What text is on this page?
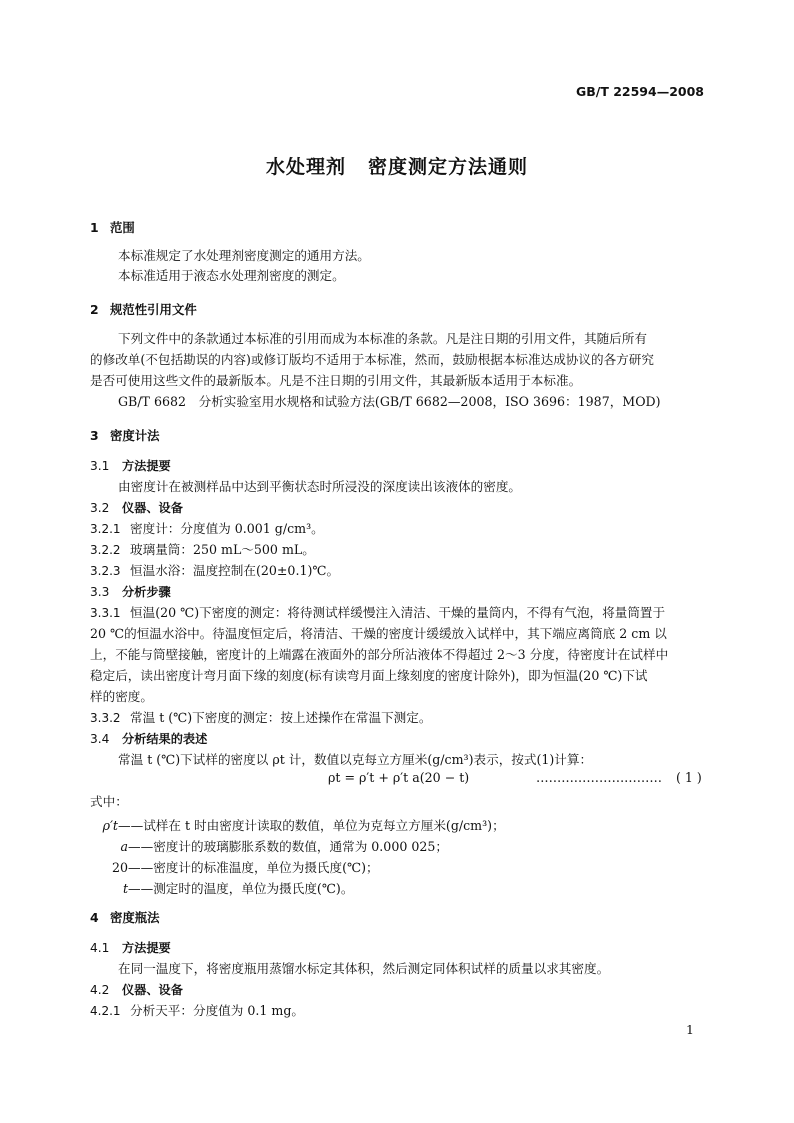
GB/T 22594—2008
水处理剂 密度测定方法通则
1 范围
本标准规定了水处理剂密度测定的通用方法。
本标准适用于液态水处理剂密度的测定。
2 规范性引用文件
下列文件中的条款通过本标准的引用而成为本标准的条款。凡是注日期的引用文件，其随后所有
的修改单(不包括勘误的内容)或修订版均不适用于本标准，然而，鼓励根据本标准达成协议的各方研究
是否可使用这些文件的最新版本。凡是不注日期的引用文件，其最新版本适用于本标准。
GB/T 6682　分析实验室用水规格和试验方法(GB/T 6682—2008，ISO 3696：1987，MOD)
3 密度计法
3.1 方法提要
由密度计在被测样品中达到平衡状态时所浸没的深度读出该液体的密度。
3.2 仪器、设备
3.2.1 密度计：分度值为 0.001 g/cm³。
3.2.2 玻璃量筒：250 mL～500 mL。
3.2.3 恒温水浴：温度控制在(20±0.1)℃。
3.3 分析步骤
3.3.1 恒温(20 ℃)下密度的测定：将待测试样缓慢注入清洁、干燥的量筒内，不得有气泡，将量筒置于
20 ℃的恒温水浴中。待温度恒定后，将清洁、干燥的密度计缓缓放入试样中，其下端应离筒底 2 cm 以
上，不能与筒壁接触，密度计的上端露在液面外的部分所沾液体不得超过 2～3 分度，待密度计在试样中
稳定后，读出密度计弯月面下缘的刻度(标有读弯月面上缘刻度的密度计除外)，即为恒温(20 ℃)下试
样的密度。
3.3.2 常温 t (℃)下密度的测定：按上述操作在常温下测定。
3.4 分析结果的表述
常温 t (℃)下试样的密度以 ρt 计，数值以克每立方厘米(g/cm³)表示，按式(1)计算：
ρt = ρ′t + ρ′t a(20 − t)	………………………… ( 1 )
式中：
ρ′t——试样在 t 时由密度计读取的数值，单位为克每立方厘米(g/cm³)；
a——密度计的玻璃膨胀系数的数值，通常为 0.000 025；
20——密度计的标准温度，单位为摄氏度(℃)；
t——测定时的温度，单位为摄氏度(℃)。
4 密度瓶法
4.1 方法提要
在同一温度下，将密度瓶用蒸馏水标定其体积，然后测定同体积试样的质量以求其密度。
4.2 仪器、设备
4.2.1 分析天平：分度值为 0.1 mg。
1
